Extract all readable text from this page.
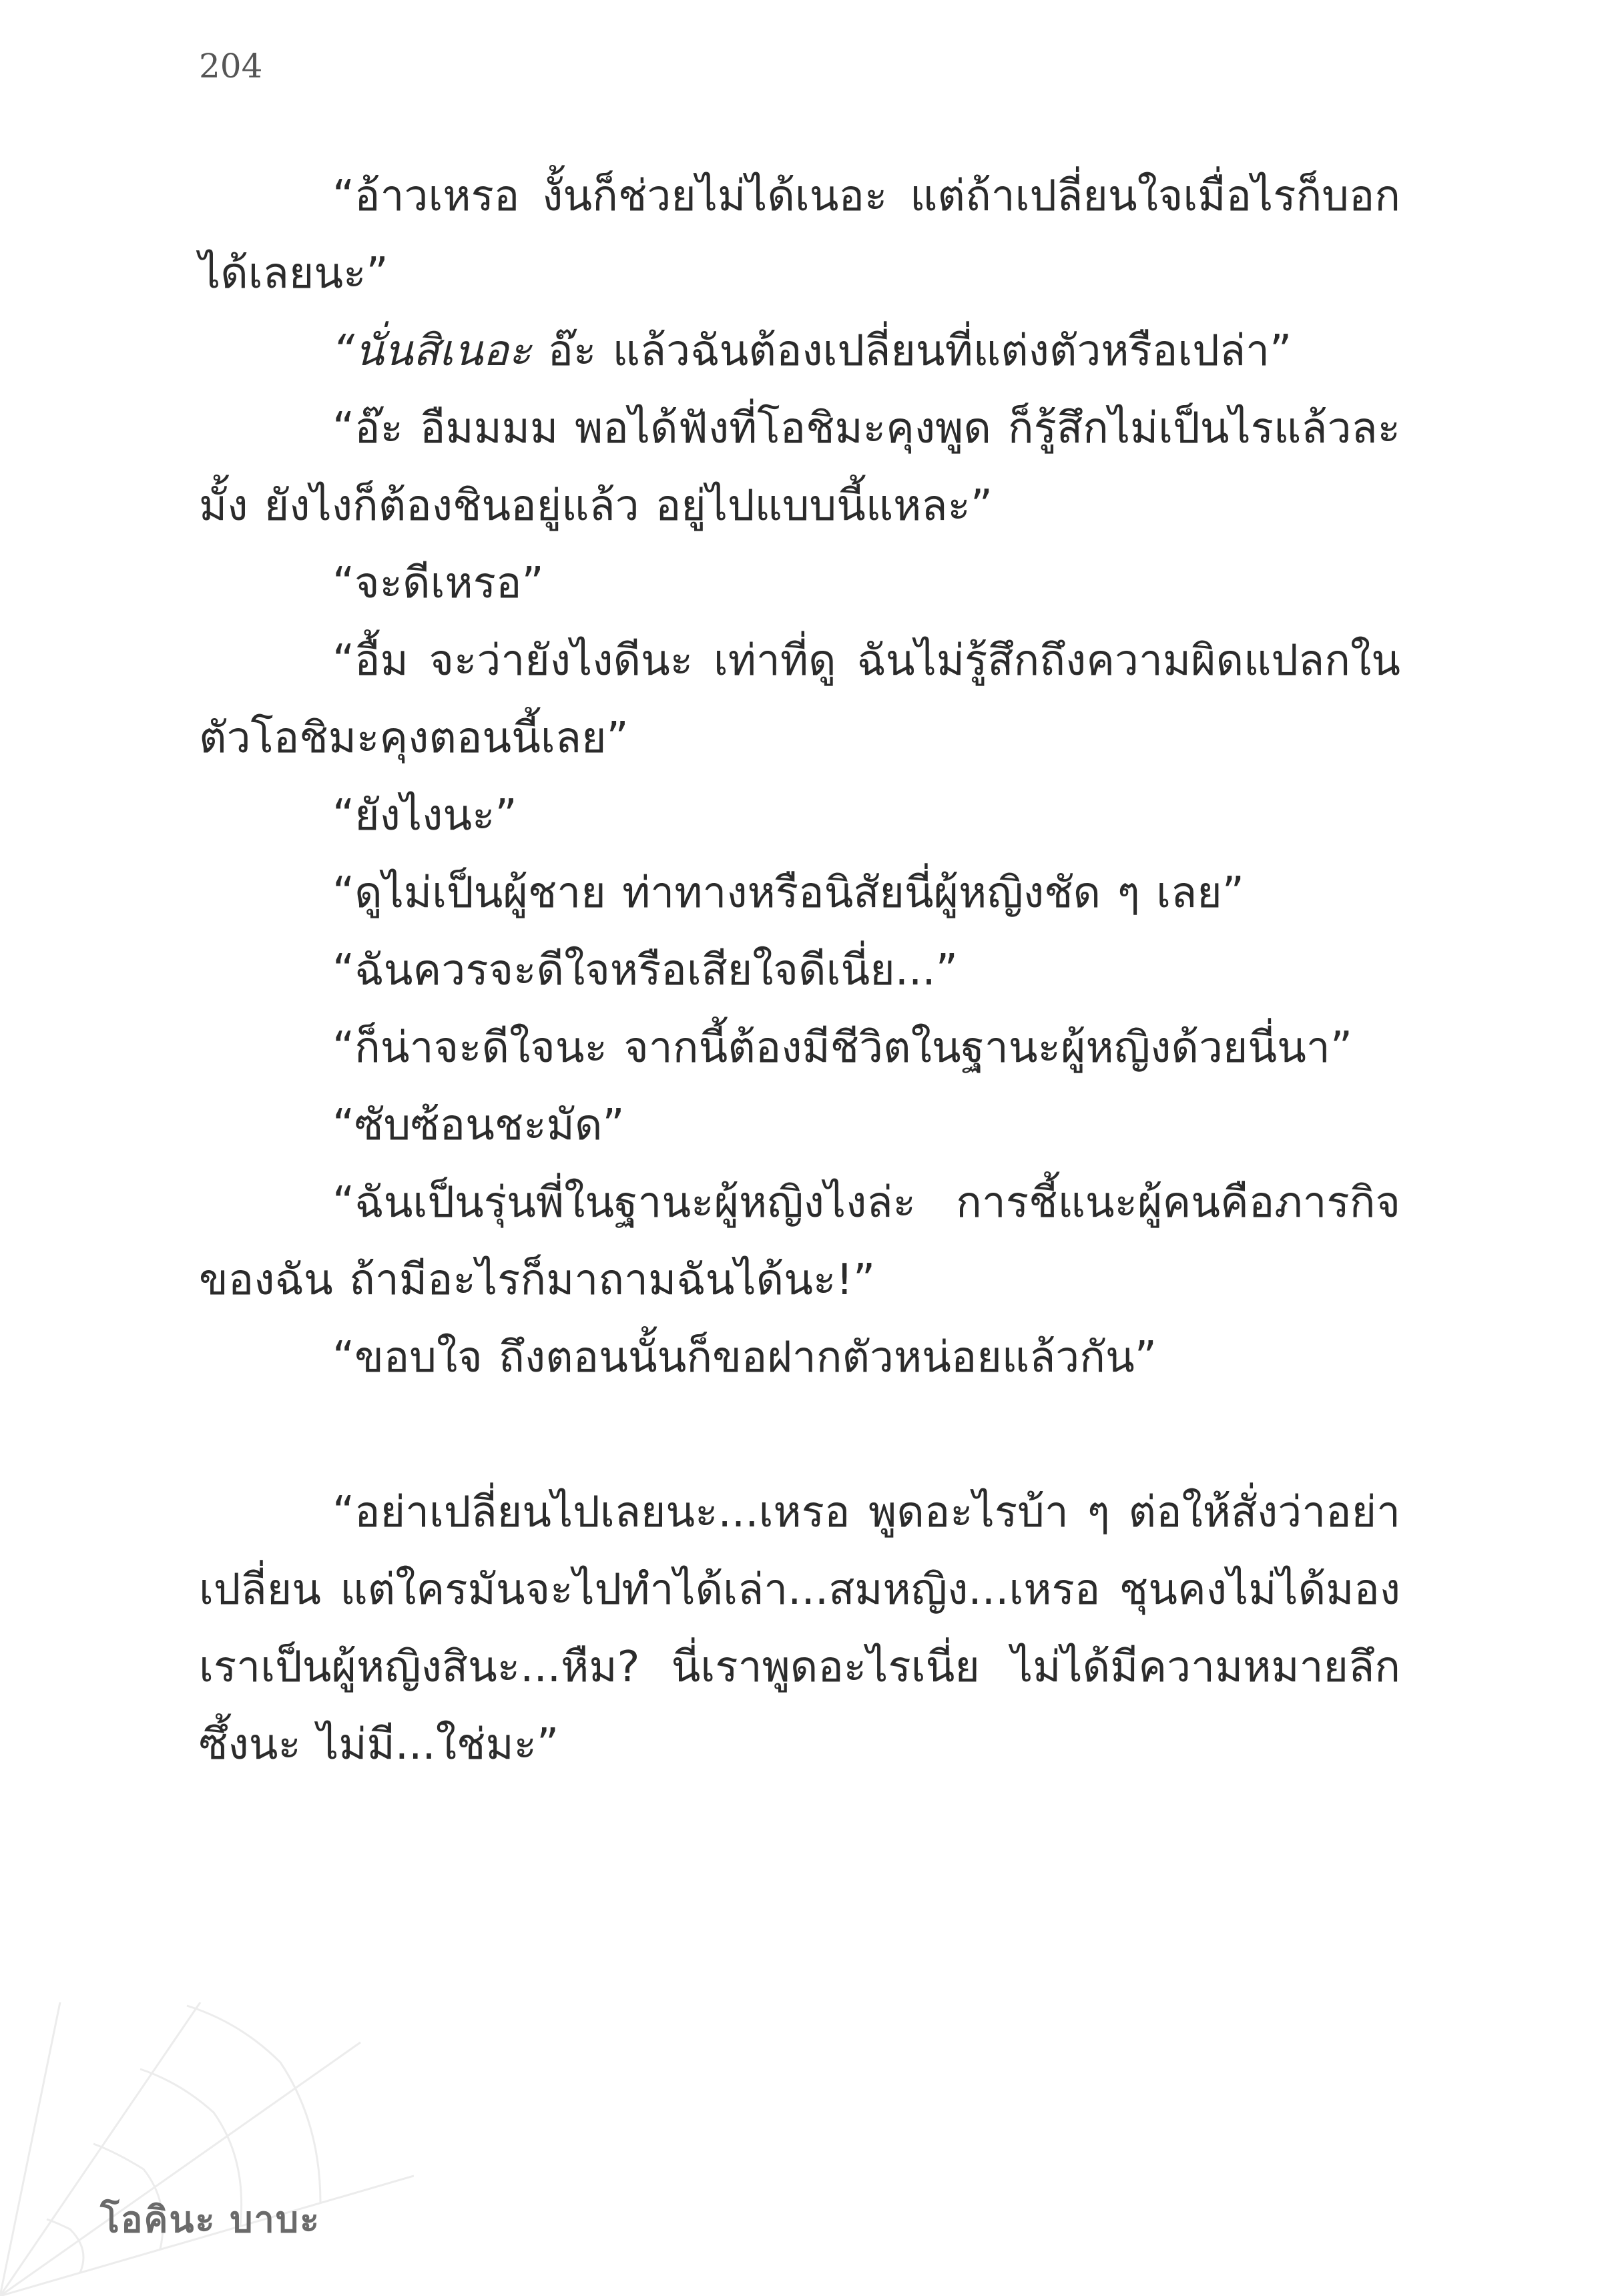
204

“อ้าวเหรอ งั้นก็ช่วยไม่ได้เนอะ แต่ถ้าเปลี่ยนใจเมื่อไรก็บอกได้เลยนะ”

“นั่นสิเนอะ อ๊ะ แล้วฉันต้องเปลี่ยนที่แต่งตัวหรือเปล่า”

“อ๊ะ อืมมมม พอได้ฟังที่โอชิมะคุงพูด ก็รู้สึกไม่เป็นไรแล้วละมั้ง ยังไงก็ต้องชินอยู่แล้ว อยู่ไปแบบนี้แหละ”

“จะดีเหรอ”

“อื้ม จะว่ายังไงดีนะ เท่าที่ดู ฉันไม่รู้สึกถึงความผิดแปลกในตัวโอชิมะคุงตอนนี้เลย”

“ยังไงนะ”

“ดูไม่เป็นผู้ชาย ท่าทางหรือนิสัยนี่ผู้หญิงชัด ๆ เลย”

“ฉันควรจะดีใจหรือเสียใจดีเนี่ย...”

“ก็น่าจะดีใจนะ จากนี้ต้องมีชีวิตในฐานะผู้หญิงด้วยนี่นา”

“ซับซ้อนชะมัด”

“ฉันเป็นรุ่นพี่ในฐานะผู้หญิงไงล่ะ การชี้แนะผู้คนคือภารกิจของฉัน ถ้ามีอะไรก็มาถามฉันได้นะ!”

“ขอบใจ ถึงตอนนั้นก็ขอฝากตัวหน่อยแล้วกัน”

“อย่าเปลี่ยนไปเลยนะ...เหรอ พูดอะไรบ้า ๆ ต่อให้สั่งว่าอย่าเปลี่ยน แต่ใครมันจะไปทำได้เล่า...สมหญิง...เหรอ ชุนคงไม่ได้มองเราเป็นผู้หญิงสินะ...หืม? นี่เราพูดอะไรเนี่ย ไม่ได้มีความหมายลึกซึ้งนะ ไม่มี...ใช่มะ”

โอคินะ บาบะ
